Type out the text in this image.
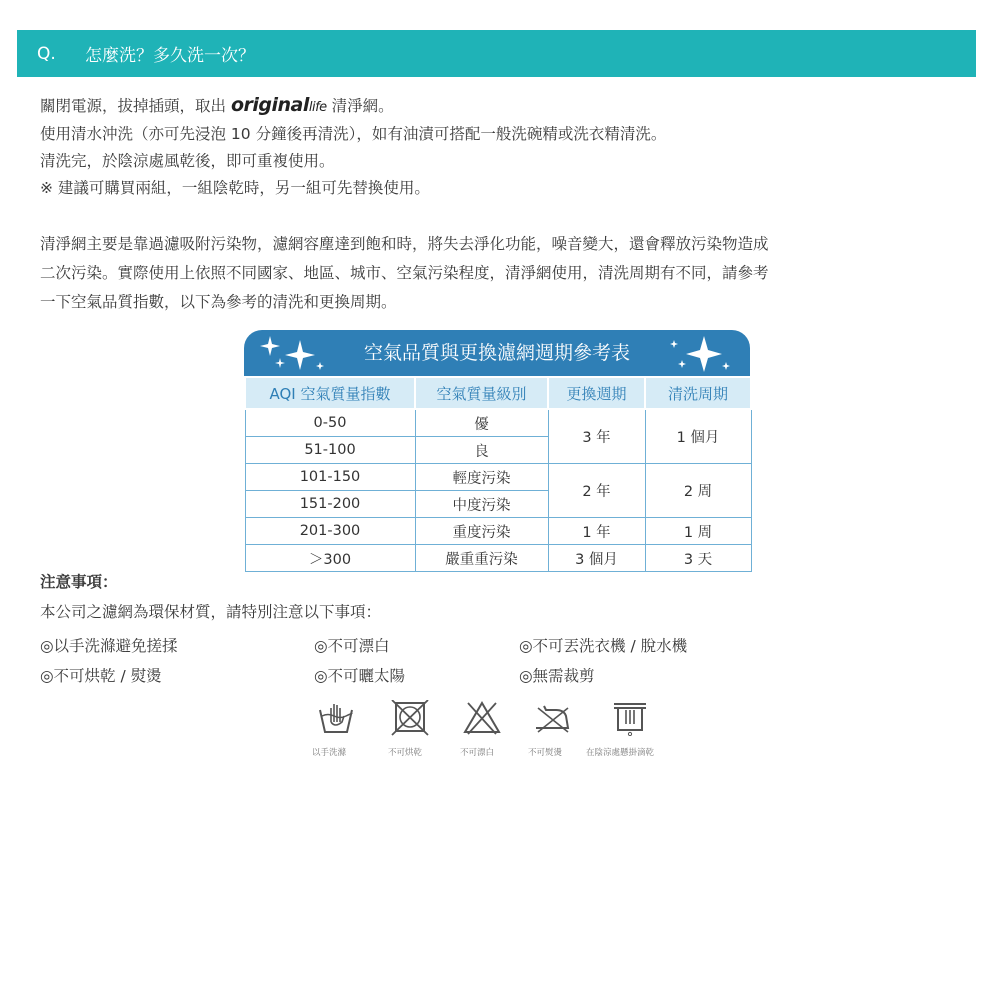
Q.	怎麼洗？多久洗一次？
關閉電源，拔掉插頭，取出 originallife 清淨網。
使用清水沖洗（亦可先浸泡 10 分鐘後再清洗），如有油漬可搭配一般洗碗精或洗衣精清洗。
清洗完，於陰涼處風乾後，即可重複使用。
※ 建議可購買兩組，一組陰乾時，另一組可先替換使用。
清淨網主要是靠過濾吸附污染物，濾網容塵達到飽和時，將失去淨化功能，噪音變大，還會釋放污染物造成
二次污染。實際使用上依照不同國家、地區、城市、空氣污染程度，清淨網使用，清洗周期有不同，請參考
一下空氣品質指數，以下為參考的清洗和更換周期。
空氣品質與更換濾網週期參考表
AQI 空氣質量指數	空氣質量級別	更換週期	清洗周期
0-50	優	3 年	1 個月
51-100	良		
101-150	輕度污染	2 年	2 周
151-200	中度污染		
201-300	重度污染	1 年	1 周
＞300	嚴重重污染	3 個月	3 天
注意事項：
本公司之濾網為環保材質，請特別注意以下事項：
◎以手洗滌避免搓揉	◎不可漂白	◎不可丟洗衣機 / 脫水機
◎不可烘乾 / 熨燙	◎不可曬太陽	◎無需裁剪
以手洗滌	不可烘乾	不可漂白	不可熨燙	在陰涼處懸掛滴乾
